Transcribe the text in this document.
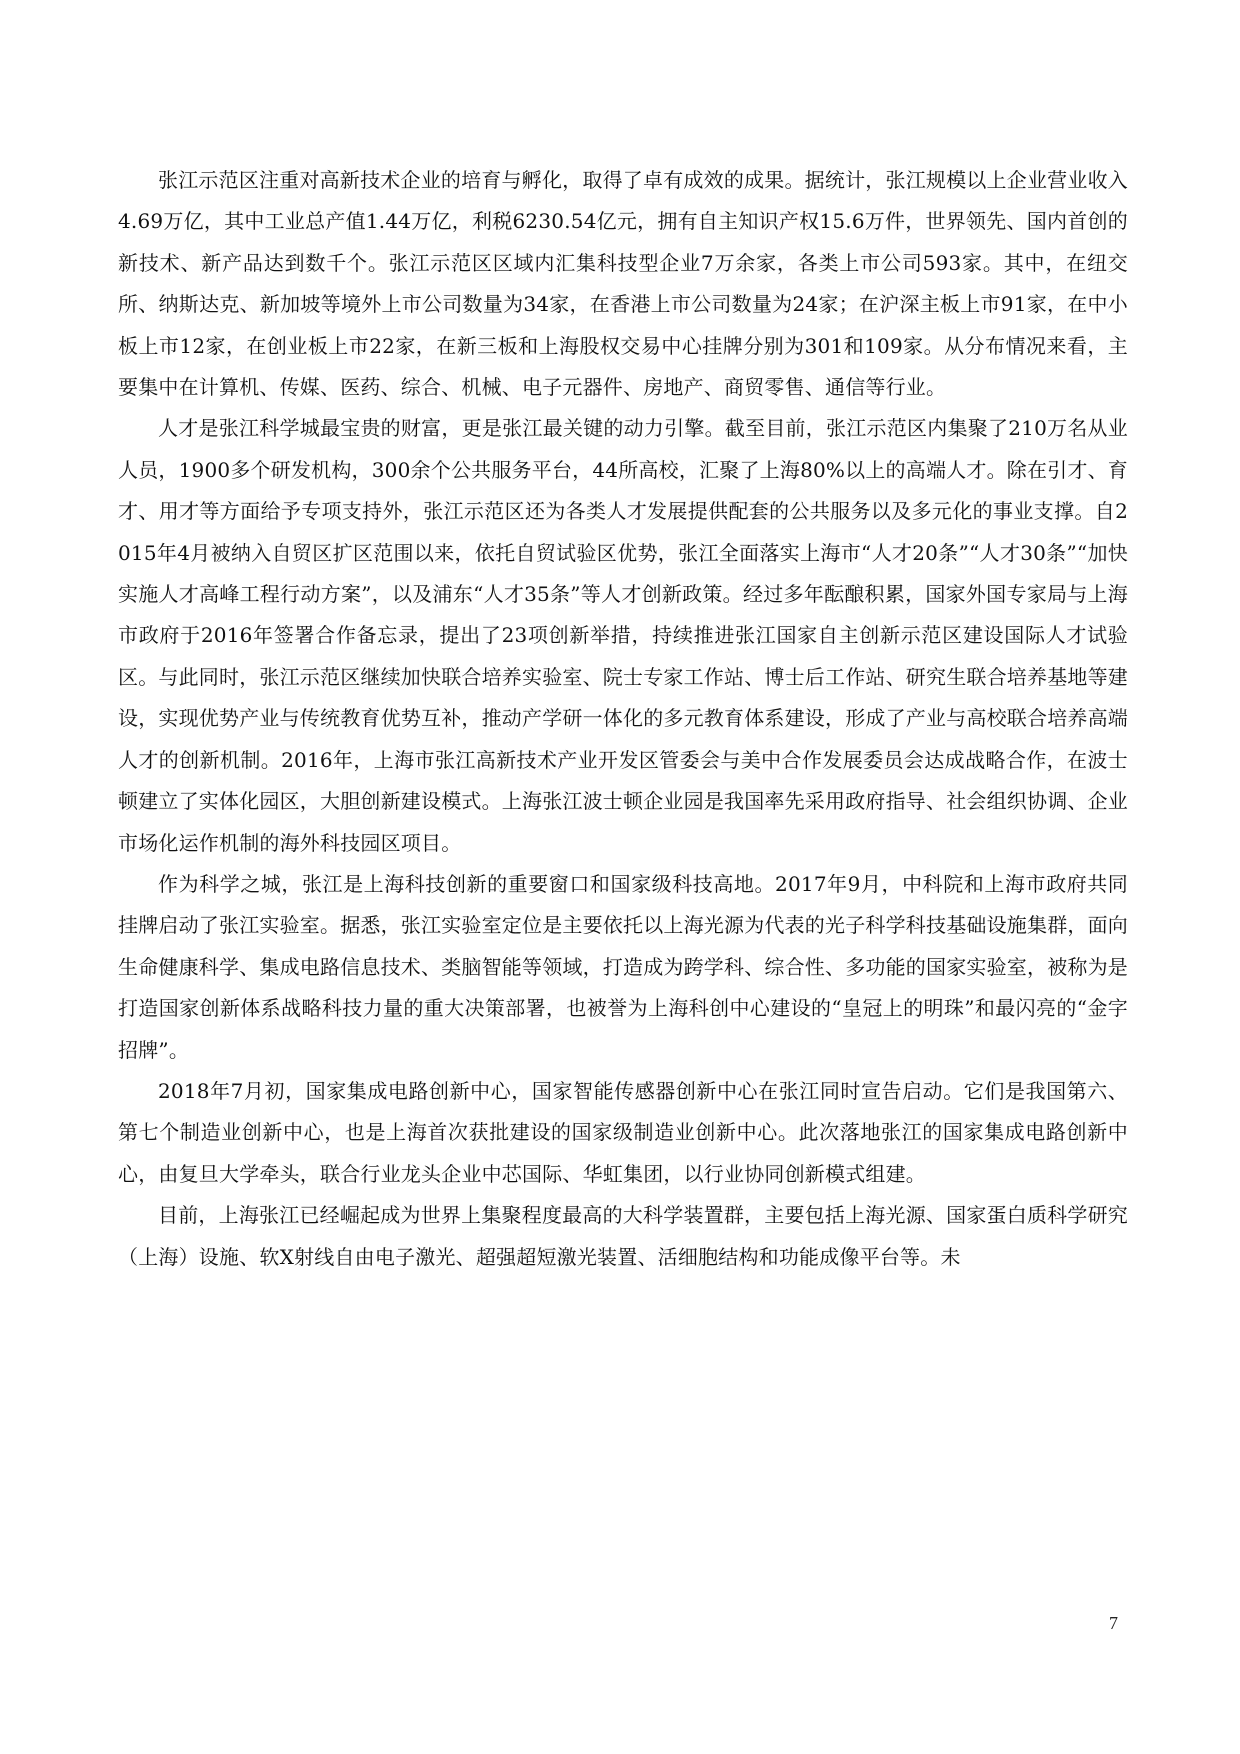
张江示范区注重对高新技术企业的培育与孵化，取得了卓有成效的成果。据统计，张江规模以上企业营业收入4.69万亿，其中工业总产值1.44万亿，利税6230.54亿元，拥有自主知识产权15.6万件，世界领先、国内首创的新技术、新产品达到数千个。张江示范区区域内汇集科技型企业7万余家，各类上市公司593家。其中，在纽交所、纳斯达克、新加坡等境外上市公司数量为34家，在香港上市公司数量为24家；在沪深主板上市91家，在中小板上市12家，在创业板上市22家，在新三板和上海股权交易中心挂牌分别为301和109家。从分布情况来看，主要集中在计算机、传媒、医药、综合、机械、电子元器件、房地产、商贸零售、通信等行业。

人才是张江科学城最宝贵的财富，更是张江最关键的动力引擎。截至目前，张江示范区内集聚了210万名从业人员，1900多个研发机构，300余个公共服务平台，44所高校，汇聚了上海80%以上的高端人才。除在引才、育才、用才等方面给予专项支持外，张江示范区还为各类人才发展提供配套的公共服务以及多元化的事业支撑。自2015年4月被纳入自贸区扩区范围以来，依托自贸试验区优势，张江全面落实上海市“人才20条”“人才30条”“加快实施人才高峰工程行动方案”，以及浦东“人才35条”等人才创新政策。经过多年酝酿积累，国家外国专家局与上海市政府于2016年签署合作备忘录，提出了23项创新举措，持续推进张江国家自主创新示范区建设国际人才试验区。与此同时，张江示范区继续加快联合培养实验室、院士专家工作站、博士后工作站、研究生联合培养基地等建设，实现优势产业与传统教育优势互补，推动产学研一体化的多元教育体系建设，形成了产业与高校联合培养高端人才的创新机制。2016年，上海市张江高新技术产业开发区管委会与美中合作发展委员会达成战略合作，在波士顿建立了实体化园区，大胆创新建设模式。上海张江波士顿企业园是我国率先采用政府指导、社会组织协调、企业市场化运作机制的海外科技园区项目。

作为科学之城，张江是上海科技创新的重要窗口和国家级科技高地。2017年9月，中科院和上海市政府共同挂牌启动了张江实验室。据悉，张江实验室定位是主要依托以上海光源为代表的光子科学科技基础设施集群，面向生命健康科学、集成电路信息技术、类脑智能等领域，打造成为跨学科、综合性、多功能的国家实验室，被称为是打造国家创新体系战略科技力量的重大决策部署，也被誉为上海科创中心建设的“皇冠上的明珠”和最闪亮的“金字招牌”。

2018年7月初，国家集成电路创新中心，国家智能传感器创新中心在张江同时宣告启动。它们是我国第六、第七个制造业创新中心，也是上海首次获批建设的国家级制造业创新中心。此次落地张江的国家集成电路创新中心，由复旦大学牵头，联合行业龙头企业中芯国际、华虹集团，以行业协同创新模式组建。

目前，上海张江已经崛起成为世界上集聚程度最高的大科学装置群，主要包括上海光源、国家蛋白质科学研究（上海）设施、软X射线自由电子激光、超强超短激光装置、活细胞结构和功能成像平台等。未

7
